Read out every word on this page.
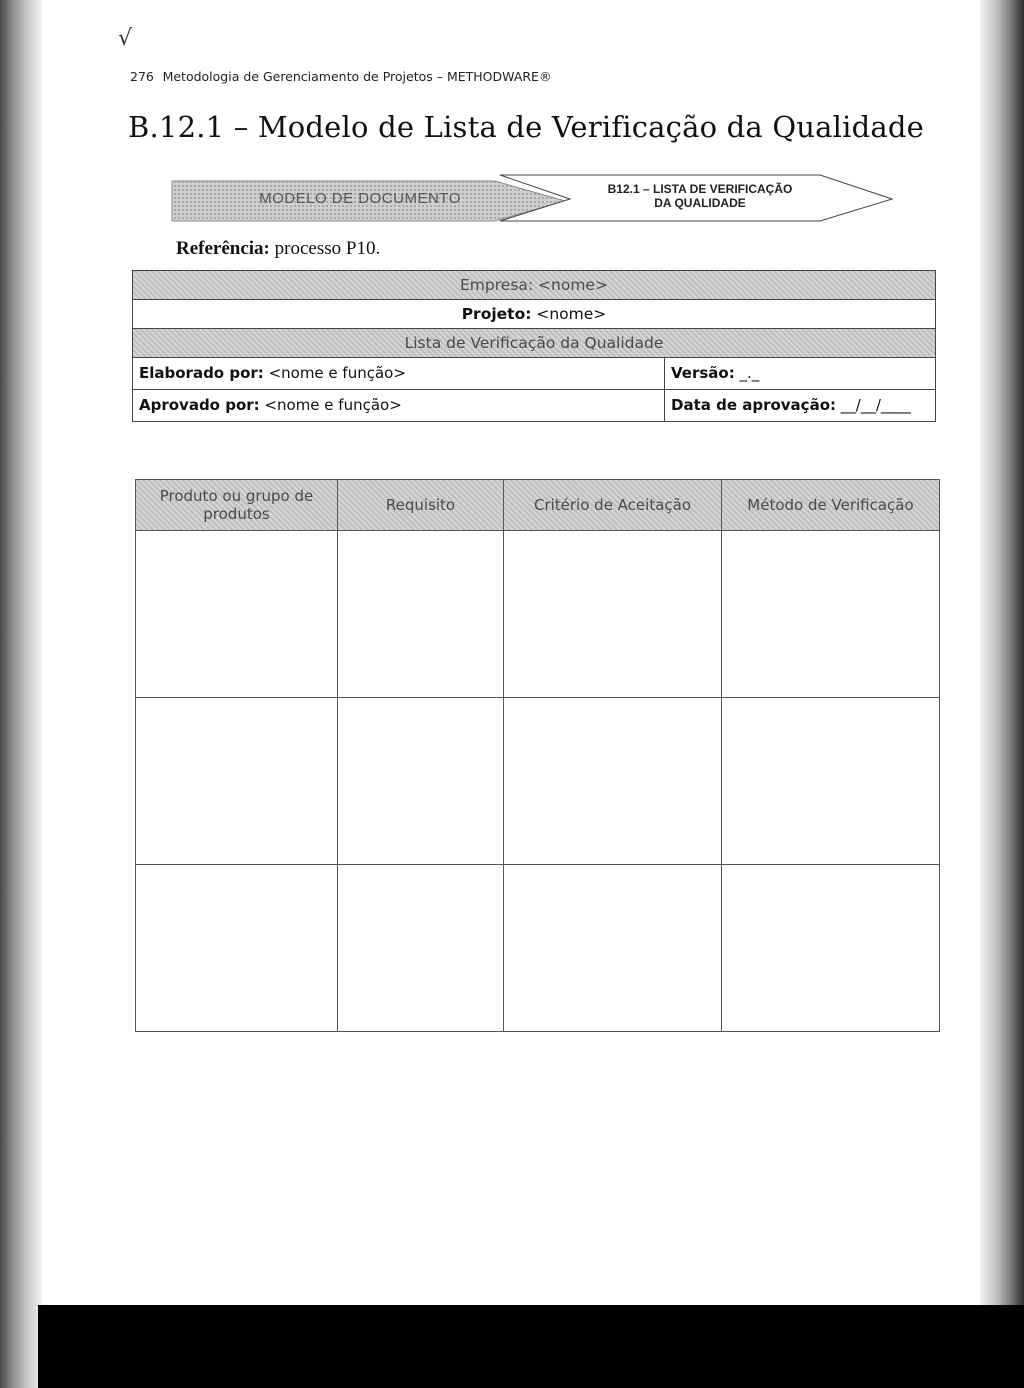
√
276 Metodologia de Gerenciamento de Projetos – METHODWARE®
B.12.1 – Modelo de Lista de Verificação da Qualidade
MODELO DE DOCUMENTO
B12.1 – LISTA DE VERIFICAÇÃO
DA QUALIDADE
Referência: processo P10.
Empresa: <nome>
Projeto: <nome>
Lista de Verificação da Qualidade
Elaborado por: <nome e função>	Versão: _._
Aprovado por: <nome e função>	Data de aprovação: __/__/____
Produto ou grupo de produtos	Requisito	Critério de Aceitação	Método de Verificação
